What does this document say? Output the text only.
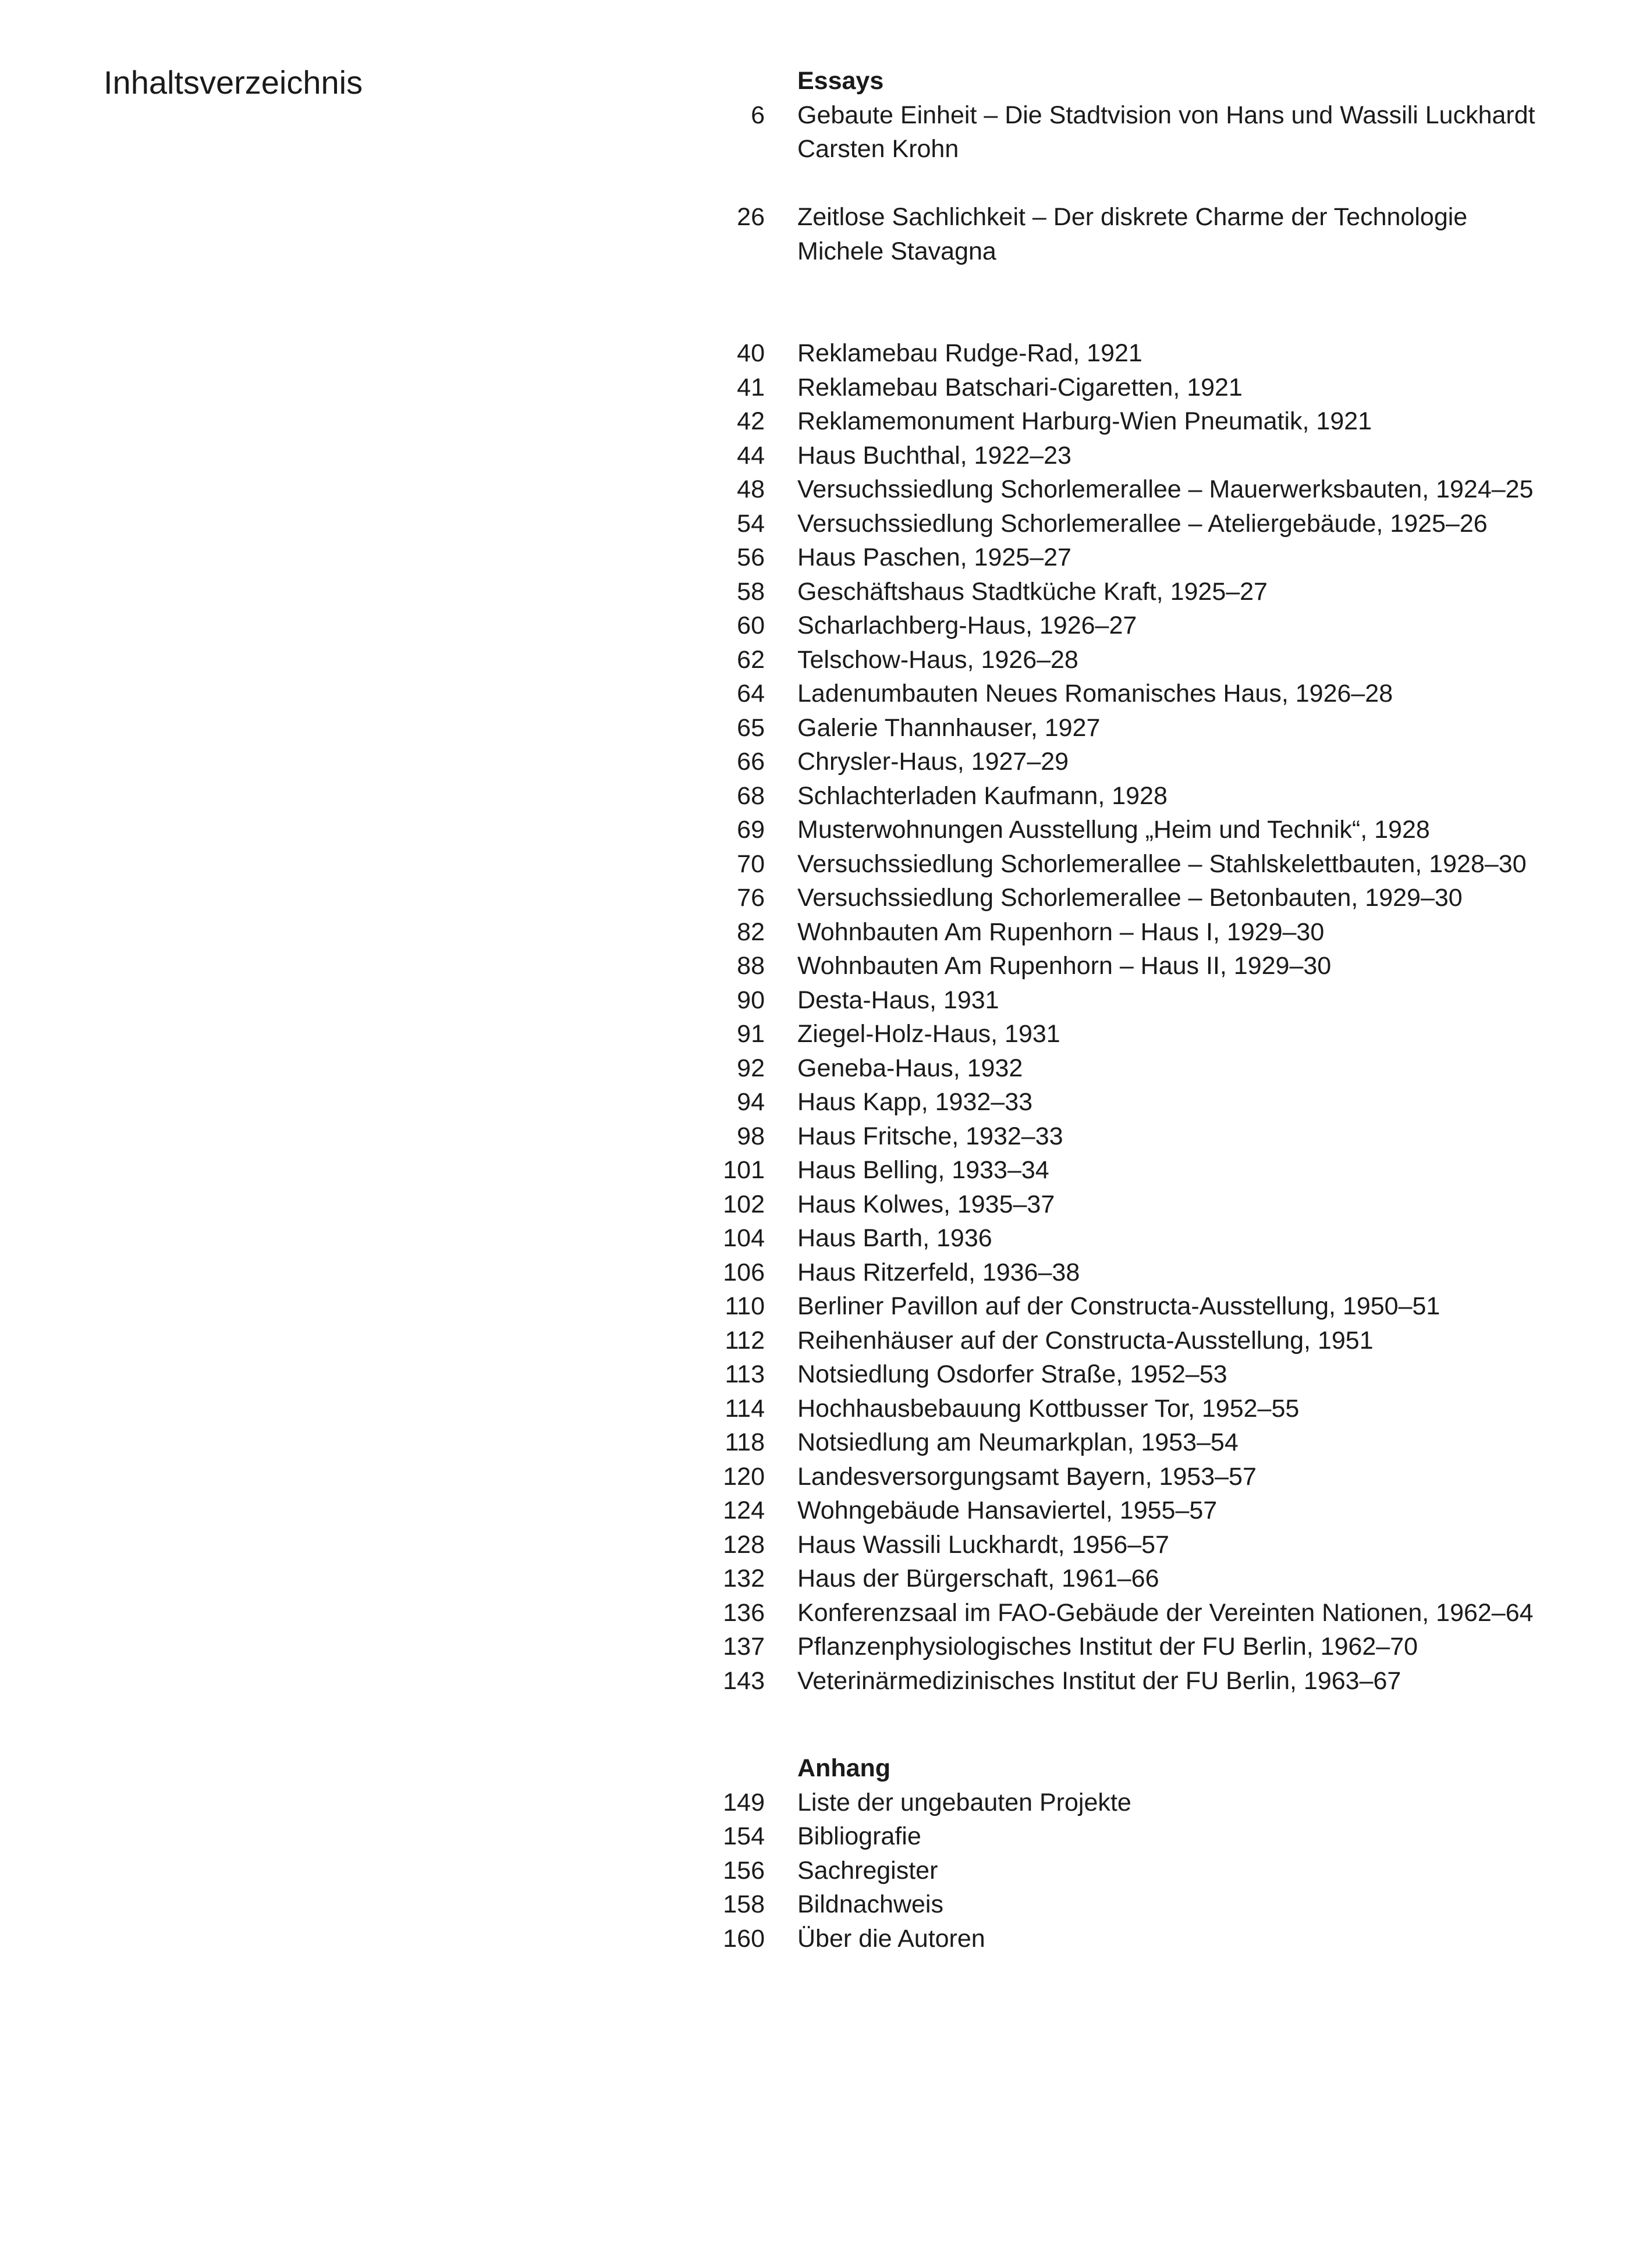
Inhaltsverzeichnis	Essays
6 Gebaute Einheit – Die Stadtvision von Hans und Wassili Luckhardt
Carsten Krohn
26 Zeitlose Sachlichkeit – Der diskrete Charme der Technologie
Michele Stavagna
40 Reklamebau Rudge-Rad, 1921
41 Reklamebau Batschari-Cigaretten, 1921
42 Reklamemonument Harburg-Wien Pneumatik, 1921
44 Haus Buchthal, 1922–23
48 Versuchssiedlung Schorlemerallee – Mauerwerksbauten, 1924–25
54 Versuchssiedlung Schorlemerallee – Ateliergebäude, 1925–26
56 Haus Paschen, 1925–27
58 Geschäftshaus Stadtküche Kraft, 1925–27
60 Scharlachberg-Haus, 1926–27
62 Telschow-Haus, 1926–28
64 Ladenumbauten Neues Romanisches Haus, 1926–28
65 Galerie Thannhauser, 1927
66 Chrysler-Haus, 1927–29
68 Schlachterladen Kaufmann, 1928
69 Musterwohnungen Ausstellung „Heim und Technik“, 1928
70 Versuchssiedlung Schorlemerallee – Stahlskelettbauten, 1928–30
76 Versuchssiedlung Schorlemerallee – Betonbauten, 1929–30
82 Wohnbauten Am Rupenhorn – Haus I, 1929–30
88 Wohnbauten Am Rupenhorn – Haus II, 1929–30
90 Desta-Haus, 1931
91 Ziegel-Holz-Haus, 1931
92 Geneba-Haus, 1932
94 Haus Kapp, 1932–33
98 Haus Fritsche, 1932–33
101 Haus Belling, 1933–34
102 Haus Kolwes, 1935–37
104 Haus Barth, 1936
106 Haus Ritzerfeld, 1936–38
110 Berliner Pavillon auf der Constructa-Ausstellung, 1950–51
112 Reihenhäuser auf der Constructa-Ausstellung, 1951
113 Notsiedlung Osdorfer Straße, 1952–53
114 Hochhausbebauung Kottbusser Tor, 1952–55
118 Notsiedlung am Neumarkplan, 1953–54
120 Landesversorgungsamt Bayern, 1953–57
124 Wohngebäude Hansaviertel, 1955–57
128 Haus Wassili Luckhardt, 1956–57
132 Haus der Bürgerschaft, 1961–66
136 Konferenzsaal im FAO-Gebäude der Vereinten Nationen, 1962–64
137 Pflanzenphysiologisches Institut der FU Berlin, 1962–70
143 Veterinärmedizinisches Institut der FU Berlin, 1963–67
Anhang
149 Liste der ungebauten Projekte
154 Bibliografie
156 Sachregister
158 Bildnachweis
160 Über die Autoren
